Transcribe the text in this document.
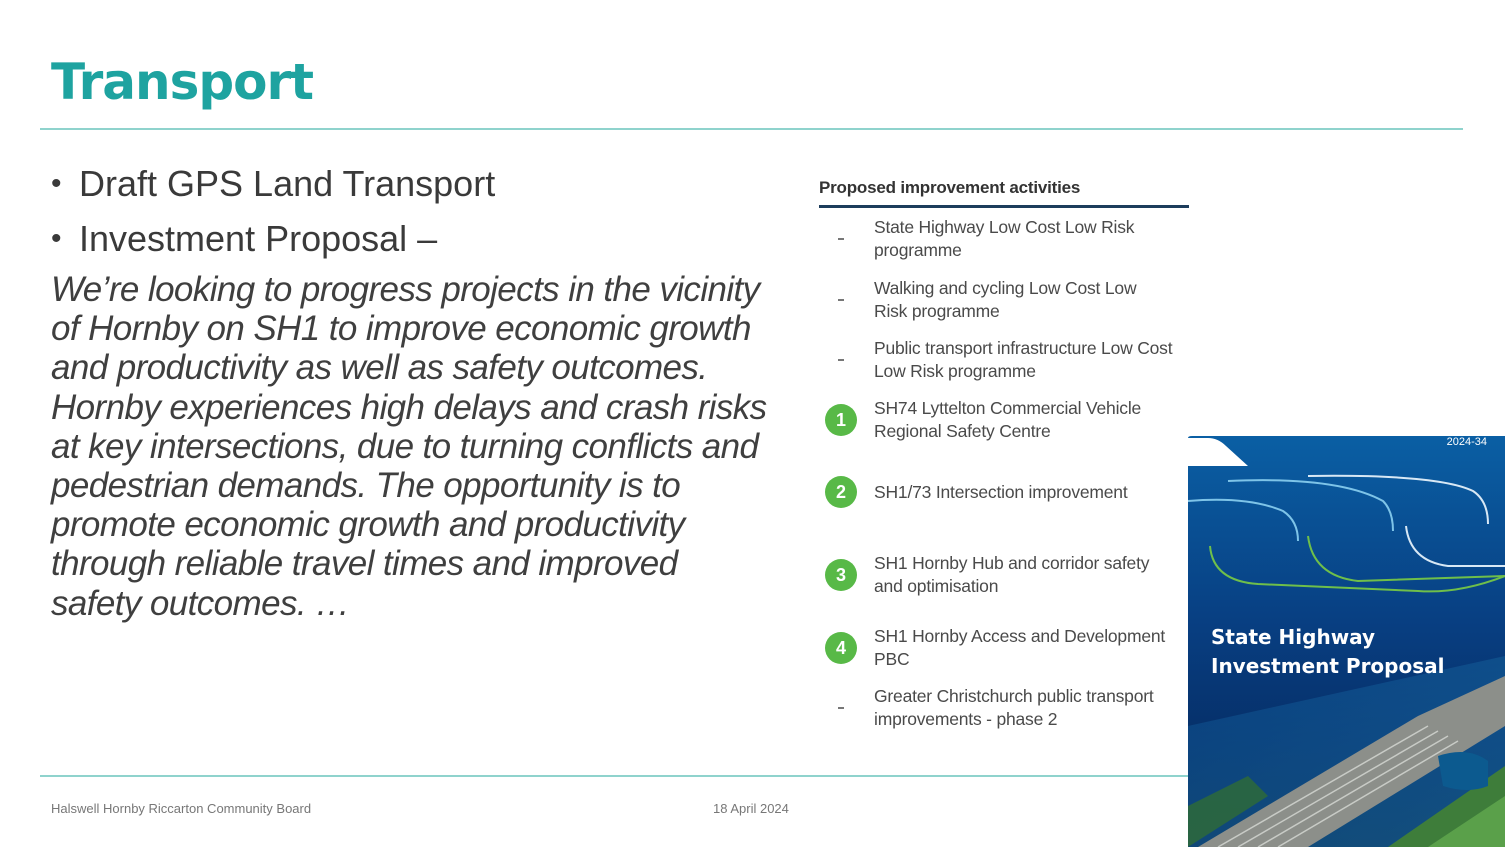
Transport
• Draft GPS Land Transport
• Investment Proposal –
We’re looking to progress projects in the vicinity of Hornby on SH1 to improve economic growth and productivity as well as safety outcomes. Hornby experiences high delays and crash risks at key intersections, due to turning conflicts and pedestrian demands. The opportunity is to promote economic growth and productivity through reliable travel times and improved safety outcomes. …
Proposed improvement activities
State Highway Low Cost Low Risk programme
Walking and cycling Low Cost Low Risk programme
Public transport infrastructure Low Cost Low Risk programme
1
SH74 Lyttelton Commercial Vehicle Regional Safety Centre
2	SH1/73 Intersection improvement
3
SH1 Hornby Hub and corridor safety and optimisation
4
SH1 Hornby Access and Development PBC
Greater Christchurch public transport improvements - phase 2
2024-34
State Highway
Investment Proposal
Halswell Hornby Riccarton Community Board	18 April 2024
